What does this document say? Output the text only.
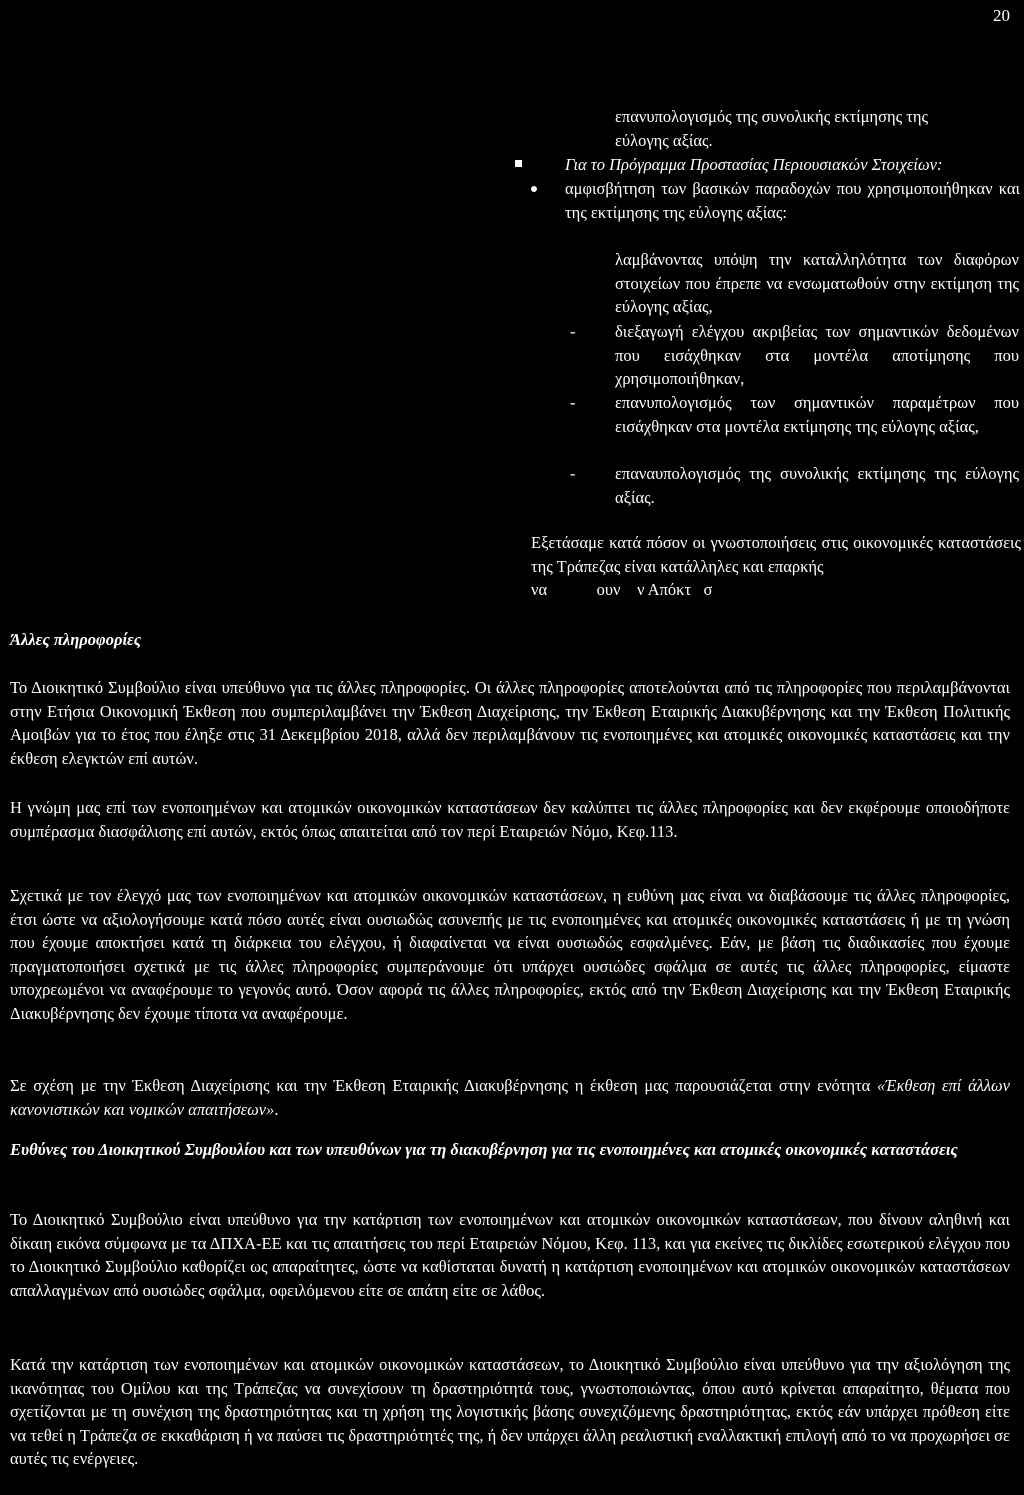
20
επανυπολογισμός της συνολικής εκτίμησης της
εύλογης αξίας.
Για το Πρόγραμμα Προστασίας Περιουσιακών Στοιχείων:
αμφισβήτηση των βασικών παραδοχών που χρησιμοποιήθηκαν και της εκτίμησης της εύλογης αξίας:
λαμβάνοντας υπόψη την καταλληλότητα των διαφόρων στοιχείων που έπρεπε να ενσωματωθούν στην εκτίμηση της εύλογης αξίας,
- διεξαγωγή ελέγχου ακριβείας των σημαντικών δεδομένων που εισάχθηκαν στα μοντέλα αποτίμησης που χρησιμοποιήθηκαν,
- επανυπολογισμός των σημαντικών παραμέτρων που εισάχθηκαν στα μοντέλα εκτίμησης της εύλογης αξίας,
- επαναυπολογισμός της συνολικής εκτίμησης της εύλογης αξίας.
Εξετάσαμε κατά πόσον οι γνωστοποιήσεις στις οικονομικές καταστάσεις της Τράπεζας είναι κατάλληλες και επαρκής
να            ουν    ν Απόκτ   σ
Άλλες πληροφορίες
Το Διοικητικό Συμβούλιο είναι υπεύθυνο για τις άλλες πληροφορίες. Οι άλλες πληροφορίες αποτελούνται από τις πληροφορίες που περιλαμβάνονται στην Ετήσια Οικονομική Έκθεση που συμπεριλαμβάνει την Έκθεση Διαχείρισης, την Έκθεση Εταιρικής Διακυβέρνησης και την Έκθεση Πολιτικής Αμοιβών για το έτος που έληξε στις 31 Δεκεμβρίου 2018, αλλά δεν περιλαμβάνουν τις ενοποιημένες και ατομικές οικονομικές καταστάσεις και την έκθεση ελεγκτών επί αυτών.
Η γνώμη μας επί των ενοποιημένων και ατομικών οικονομικών καταστάσεων δεν καλύπτει τις άλλες πληροφορίες και δεν εκφέρουμε οποιοδήποτε συμπέρασμα διασφάλισης επί αυτών, εκτός όπως απαιτείται από τον περί Εταιρειών Νόμο, Κεφ.113.
Σχετικά με τον έλεγχό μας των ενοποιημένων και ατομικών οικονομικών καταστάσεων, η ευθύνη μας είναι να διαβάσουμε τις άλλες πληροφορίες, έτσι ώστε να αξιολογήσουμε κατά πόσο αυτές είναι ουσιωδώς ασυνεπής με τις ενοποιημένες και ατομικές οικονομικές καταστάσεις ή με τη γνώση που έχουμε αποκτήσει κατά τη διάρκεια του ελέγχου, ή διαφαίνεται να είναι ουσιωδώς εσφαλμένες. Εάν, με βάση τις διαδικασίες που έχουμε πραγματοποιήσει σχετικά με τις άλλες πληροφορίες συμπεράνουμε ότι υπάρχει ουσιώδες σφάλμα σε αυτές τις άλλες πληροφορίες, είμαστε υποχρεωμένοι να αναφέρουμε το γεγονός αυτό. Όσον αφορά τις άλλες πληροφορίες, εκτός από την Έκθεση Διαχείρισης και την Έκθεση Εταιρικής Διακυβέρνησης δεν έχουμε τίποτα να αναφέρουμε.
Σε σχέση με την Έκθεση Διαχείρισης και την Έκθεση Εταιρικής Διακυβέρνησης η έκθεση μας παρουσιάζεται στην ενότητα «Έκθεση επί άλλων κανονιστικών και νομικών απαιτήσεων».
Ευθύνες του Διοικητικού Συμβουλίου και των υπευθύνων για τη διακυβέρνηση για τις ενοποιημένες και ατομικές οικονομικές καταστάσεις
Το Διοικητικό Συμβούλιο είναι υπεύθυνο για την κατάρτιση των ενοποιημένων και ατομικών οικονομικών καταστάσεων, που δίνουν αληθινή και δίκαιη εικόνα σύμφωνα με τα ΔΠΧΑ-ΕΕ και τις απαιτήσεις του περί Εταιρειών Νόμου, Κεφ. 113, και για εκείνες τις δικλίδες εσωτερικού ελέγχου που το Διοικητικό Συμβούλιο καθορίζει ως απαραίτητες, ώστε να καθίσταται δυνατή η κατάρτιση ενοποιημένων και ατομικών οικονομικών καταστάσεων απαλλαγμένων από ουσιώδες σφάλμα, οφειλόμενου είτε σε απάτη είτε σε λάθος.
Κατά την κατάρτιση των ενοποιημένων και ατομικών οικονομικών καταστάσεων, το Διοικητικό Συμβούλιο είναι υπεύθυνο για την αξιολόγηση της ικανότητας του Ομίλου και της Τράπεζας να συνεχίσουν τη δραστηριότητά τους, γνωστοποιώντας, όπου αυτό κρίνεται απαραίτητο, θέματα που σχετίζονται με τη συνέχιση της δραστηριότητας και τη χρήση της λογιστικής βάσης συνεχιζόμενης δραστηριότητας, εκτός εάν υπάρχει πρόθεση είτε να τεθεί η Τράπεζα σε εκκαθάριση ή να παύσει τις δραστηριότητές της, ή δεν υπάρχει άλλη ρεαλιστική εναλλακτική επιλογή από το να προχωρήσει σε αυτές τις ενέργειες.
